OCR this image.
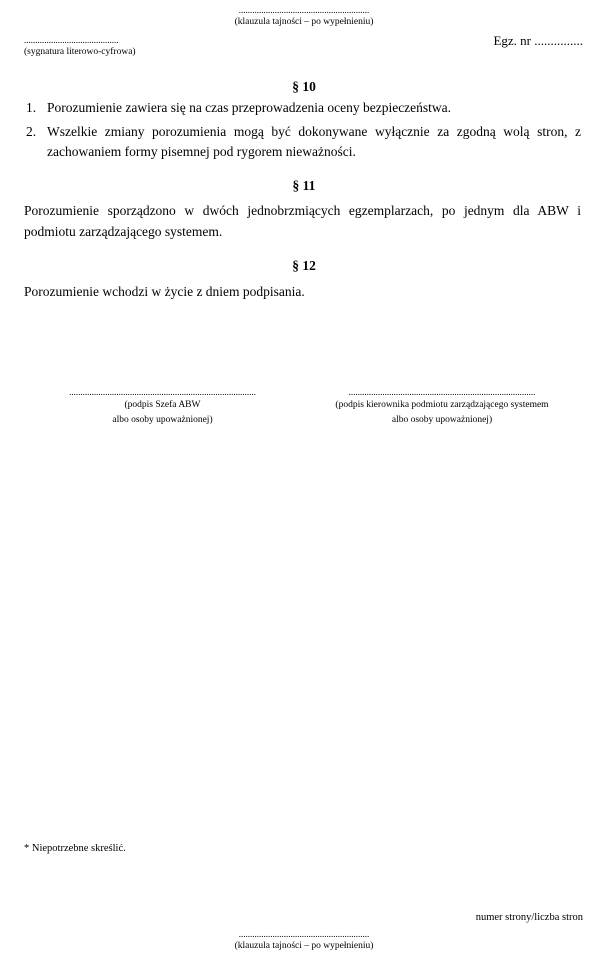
..........................................................
(klauzula tajności – po wypełnieniu)
..........................................
(sygnatura literowo-cyfrowa)
Egz. nr ...............
§ 10
1. Porozumienie zawiera się na czas przeprowadzenia oceny bezpieczeństwa.
2. Wszelkie zmiany porozumienia mogą być dokonywane wyłącznie za zgodną wolą stron, z zachowaniem formy pisemnej pod rygorem nieważności.
§ 11
Porozumienie sporządzono w dwóch jednobrzmiących egzemplarzach, po jednym dla ABW i podmiotu zarządzającego systemem.
§ 12
Porozumienie wchodzi w życie z dniem podpisania.
...................................................................................
(podpis Szefa ABW
albo osoby upoważnionej)
...................................................................................
(podpis kierownika podmiotu zarządzającego systemem
albo osoby upoważnionej)
* Niepotrzebne skreślić.
numer strony/liczba stron
..........................................................
(klauzula tajności – po wypełnieniu)
